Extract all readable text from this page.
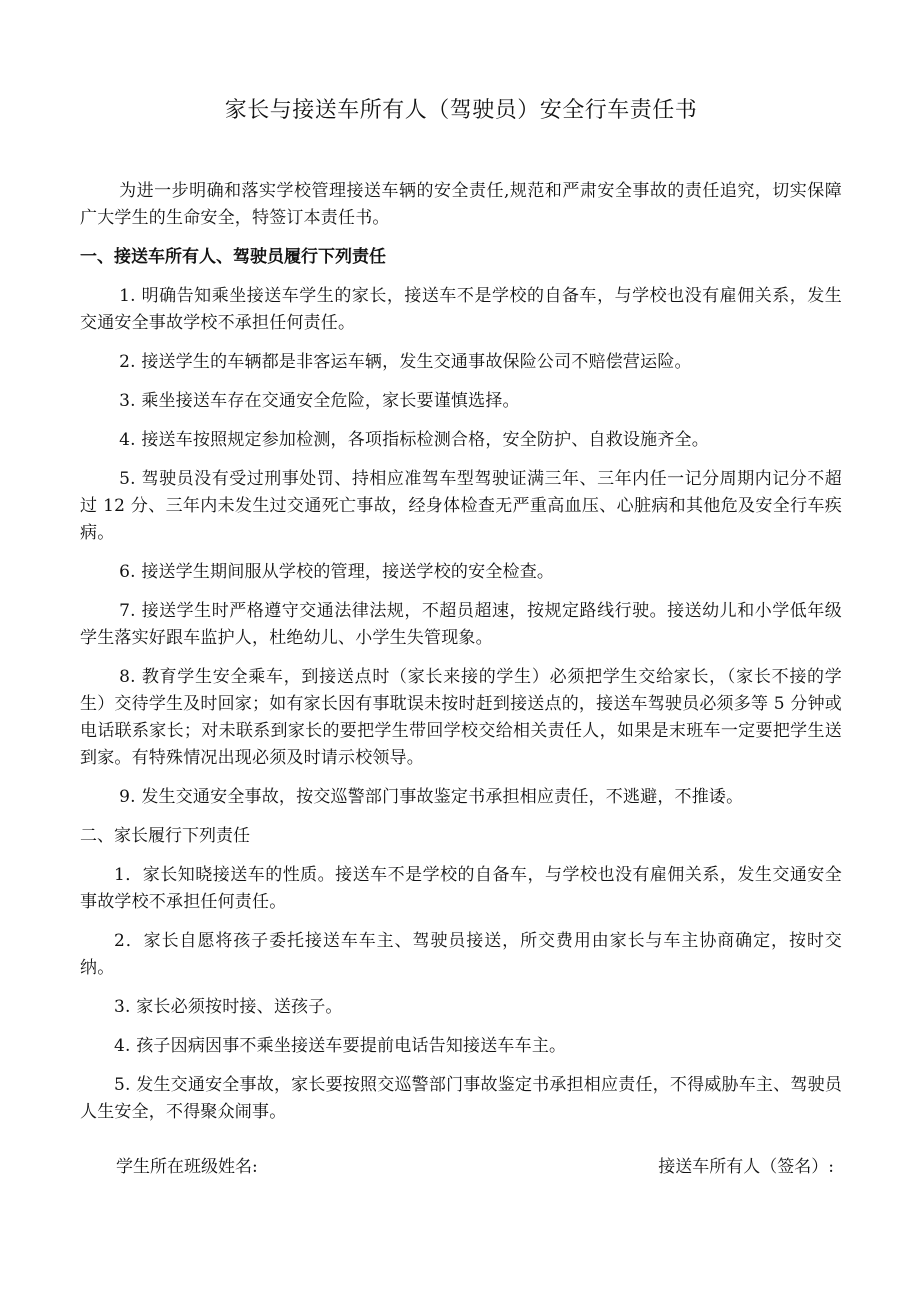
家长与接送车所有人（驾驶员）安全行车责任书

为进一步明确和落实学校管理接送车辆的安全责任,规范和严肃安全事故的责任追究，切实保障广大学生的生命安全，特签订本责任书。

一、接送车所有人、驾驶员履行下列责任

1. 明确告知乘坐接送车学生的家长，接送车不是学校的自备车，与学校也没有雇佣关系，发生交通安全事故学校不承担任何责任。

2. 接送学生的车辆都是非客运车辆，发生交通事故保险公司不赔偿营运险。

3. 乘坐接送车存在交通安全危险，家长要谨慎选择。

4. 接送车按照规定参加检测，各项指标检测合格，安全防护、自救设施齐全。

5. 驾驶员没有受过刑事处罚、持相应准驾车型驾驶证满三年、三年内任一记分周期内记分不超过 12 分、三年内未发生过交通死亡事故，经身体检查无严重高血压、心脏病和其他危及安全行车疾病。

6. 接送学生期间服从学校的管理，接送学校的安全检查。

7. 接送学生时严格遵守交通法律法规，不超员超速，按规定路线行驶。接送幼儿和小学低年级学生落实好跟车监护人，杜绝幼儿、小学生失管现象。

8. 教育学生安全乘车，到接送点时（家长来接的学生）必须把学生交给家长，（家长不接的学生）交待学生及时回家；如有家长因有事耽误未按时赶到接送点的，接送车驾驶员必须多等 5 分钟或电话联系家长；对未联系到家长的要把学生带回学校交给相关责任人，如果是末班车一定要把学生送到家。有特殊情况出现必须及时请示校领导。

9. 发生交通安全事故，按交巡警部门事故鉴定书承担相应责任，不逃避，不推诿。

二、家长履行下列责任

1．家长知晓接送车的性质。接送车不是学校的自备车，与学校也没有雇佣关系，发生交通安全事故学校不承担任何责任。

2．家长自愿将孩子委托接送车车主、驾驶员接送，所交费用由家长与车主协商确定，按时交纳。

3. 家长必须按时接、送孩子。

4. 孩子因病因事不乘坐接送车要提前电话告知接送车车主。

5. 发生交通安全事故，家长要按照交巡警部门事故鉴定书承担相应责任，不得威胁车主、驾驶员人生安全，不得聚众闹事。

学生所在班级姓名:	接送车所有人（签名）:
